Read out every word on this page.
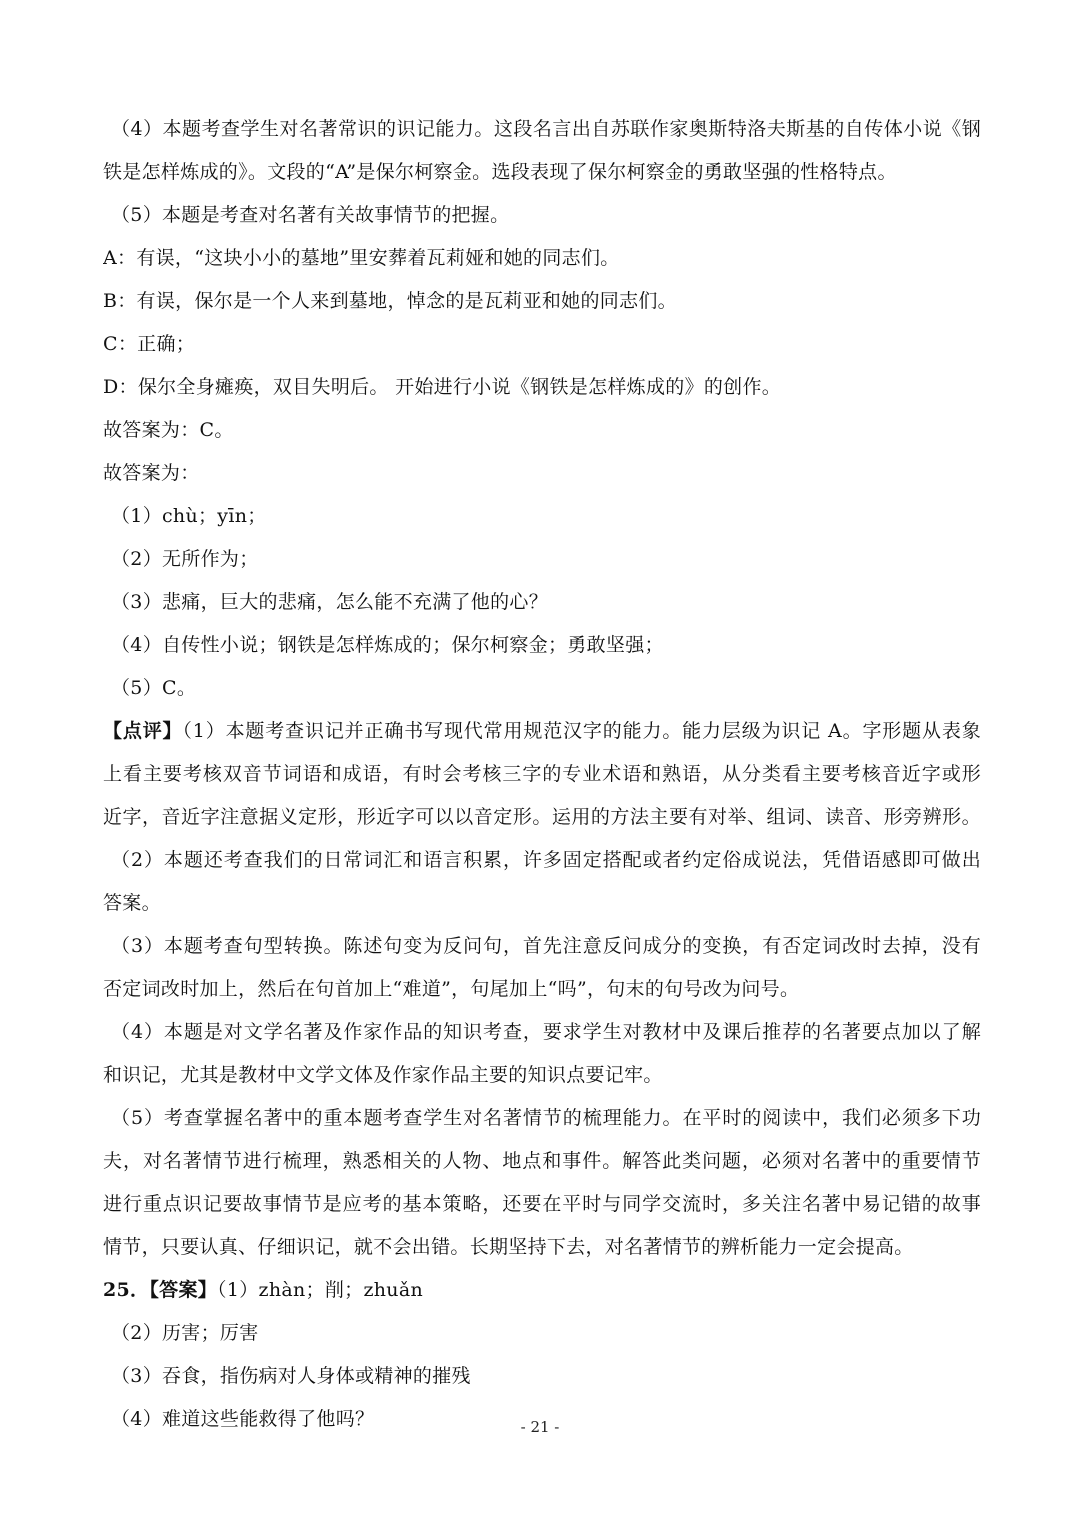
（4）本题考查学生对名著常识的识记能力。这段名言出自苏联作家奥斯特洛夫斯基的自传体小说《钢
铁是怎样炼成的》。文段的“A”是保尔柯察金。选段表现了保尔柯察金的勇敢坚强的性格特点。
（5）本题是考查对名著有关故事情节的把握。
A：有误，“这块小小的墓地”里安葬着瓦莉娅和她的同志们。
B：有误，保尔是一个人来到墓地，悼念的是瓦莉亚和她的同志们。
C：正确；
D：保尔全身瘫痪，双目失明后。 开始进行小说《钢铁是怎样炼成的》的创作。
故答案为：C。
故答案为：
（1）chù；yīn；
（2）无所作为；
（3）悲痛，巨大的悲痛，怎么能不充满了他的心？
（4）自传性小说；钢铁是怎样炼成的；保尔柯察金；勇敢坚强；
（5）C。
【点评】（1）本题考查识记并正确书写现代常用规范汉字的能力。能力层级为识记 A。字形题从表象
上看主要考核双音节词语和成语，有时会考核三字的专业术语和熟语，从分类看主要考核音近字或形
近字，音近字注意据义定形，形近字可以以音定形。运用的方法主要有对举、组词、读音、形旁辨形。
（2）本题还考查我们的日常词汇和语言积累，许多固定搭配或者约定俗成说法，凭借语感即可做出
答案。
（3）本题考查句型转换。陈述句变为反问句，首先注意反问成分的变换，有否定词改时去掉，没有
否定词改时加上，然后在句首加上“难道”，句尾加上“吗”，句末的句号改为问号。
（4）本题是对文学名著及作家作品的知识考查，要求学生对教材中及课后推荐的名著要点加以了解
和识记，尤其是教材中文学文体及作家作品主要的知识点要记牢。
（5）考查掌握名著中的重本题考查学生对名著情节的梳理能力。在平时的阅读中，我们必须多下功
夫，对名著情节进行梳理，熟悉相关的人物、地点和事件。解答此类问题，必须对名著中的重要情节
进行重点识记要故事情节是应考的基本策略，还要在平时与同学交流时，多关注名著中易记错的故事
情节，只要认真、仔细识记，就不会出错。长期坚持下去，对名著情节的辨析能力一定会提高。
25．【答案】（1）zhàn；削；zhuǎn
（2）历害；厉害
（3）吞食，指伤病对人身体或精神的摧残
（4）难道这些能救得了他吗？	- 21 -
